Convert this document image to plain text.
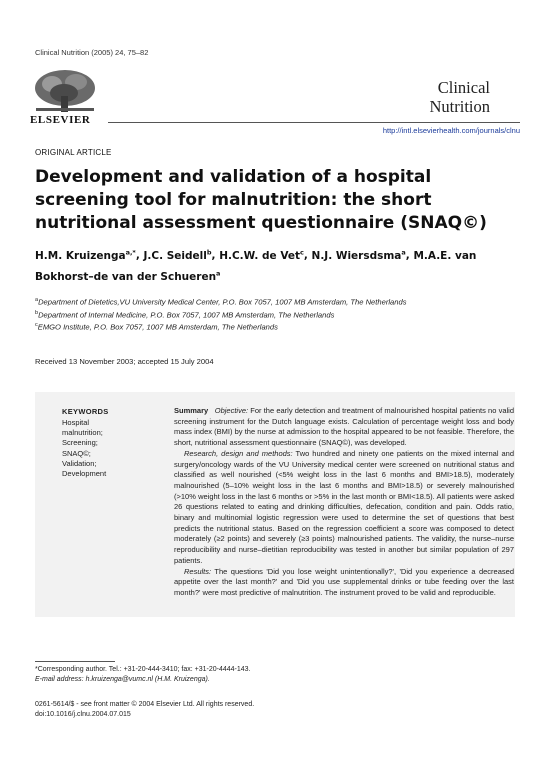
Clinical Nutrition (2005) 24, 75–82
ELSEVIER
Clinical
Nutrition
http://intl.elsevierhealth.com/journals/clnu
ORIGINAL ARTICLE
Development and validation of a hospital screening tool for malnutrition: the short nutritional assessment questionnaire (SNAQ©)
H.M. Kruizenga$^{a,*}$, J.C. Seidell$^b$, H.C.W. de Vet$^c$, N.J. Wiersdsma$^a$, M.A.E. van Bokhorst–de van der Schueren$^a$
$^a$Department of Dietetics,VU University Medical Center, P.O. Box 7057, 1007 MB Amsterdam, The Netherlands
$^b$Department of Internal Medicine, P.O. Box 7057, 1007 MB Amsterdam, The Netherlands
$^c$EMGO Institute, P.O. Box 7057, 1007 MB Amsterdam, The Netherlands
Received 13 November 2003; accepted 15 July 2004
KEYWORDS
Hospital
malnutrition;
Screening;
SNAQ©;
Validation;
Development

Summary Objective: For the early detection and treatment of malnourished hospital patients no valid screening instrument for the Dutch language exists. Calculation of percentage weight loss and body mass index (BMI) by the nurse at admission to the hospital appeared to be not feasible. Therefore, the short, nutritional assessment questionnaire (SNAQ©), was developed.

Research, design and methods: Two hundred and ninety one patients on the mixed internal and surgery/oncology wards of the VU University medical center were screened on nutritional status and classified as well nourished (<5% weight loss in the last 6 months and BMI>18.5), moderately malnourished (5–10% weight loss in the last 6 months and BMI>18.5) or severely malnourished (>10% weight loss in the last 6 months or >5% in the last month or BMI<18.5). All patients were asked 26 questions related to eating and drinking difficulties, defecation, condition and pain. Odds ratio, binary and multinomial logistic regression were used to determine the set of questions that best predicts the nutritional status. Based on the regression coefficient a score was composed to detect moderately (≥2 points) and severely (≥3 points) malnourished patients. The validity, the nurse–nurse reproducibility and nurse–dietitian reproducibility was tested in another but similar population of 297 patients.

Results: The questions 'Did you lose weight unintentionally?', 'Did you experience a decreased appetite over the last month?' and 'Did you use supplemental drinks or tube feeding over the last month?' were most predictive of malnutrition. The instrument proved to be valid and reproducible.

*Corresponding author. Tel.: +31-20-444-3410; fax: +31-20-4444-143.
E-mail address: h.kruizenga@vumc.nl (H.M. Kruizenga).
0261-5614/$ - see front matter © 2004 Elsevier Ltd. All rights reserved.
doi:10.1016/j.clnu.2004.07.015
